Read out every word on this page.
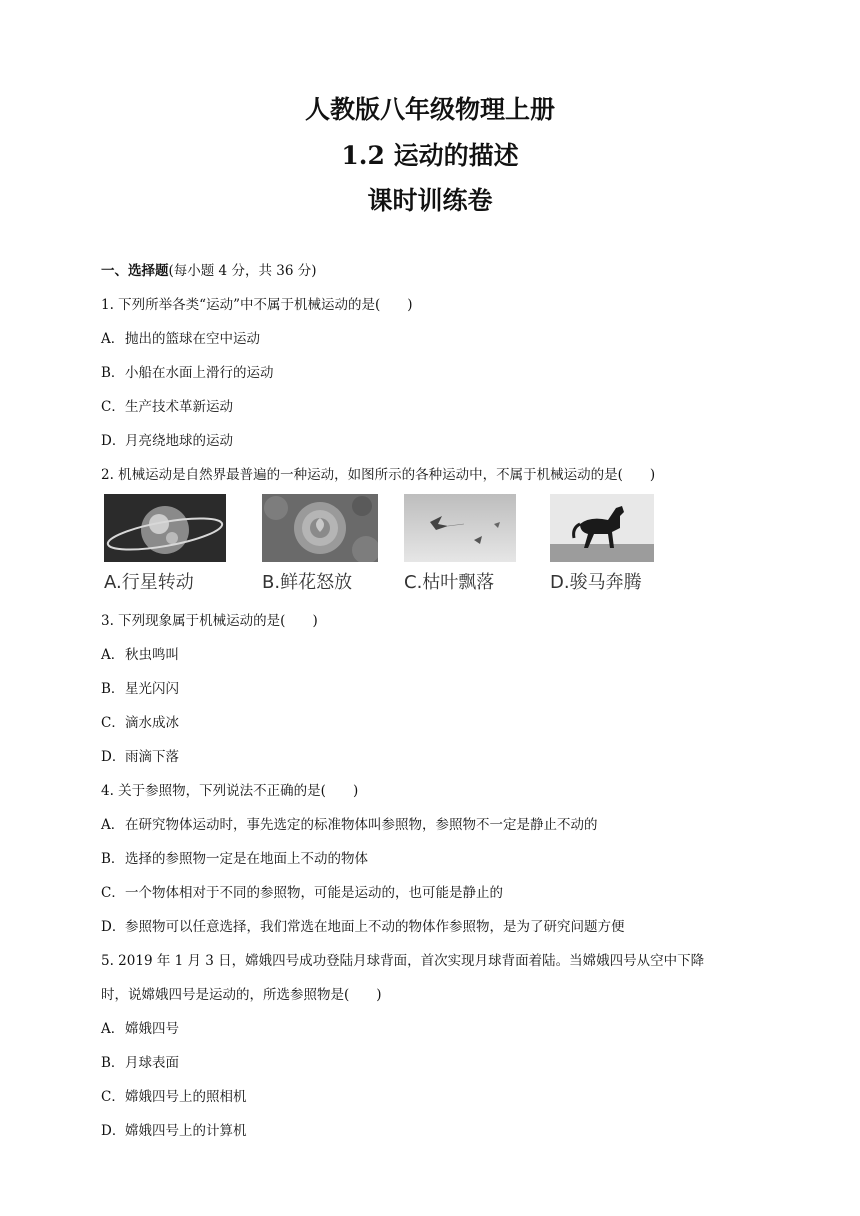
人教版八年级物理上册
1.2 运动的描述
课时训练卷
一、选择题(每小题 4 分，共 36 分)
1. 下列所举各类“运动”中不属于机械运动的是(　　)
A．抛出的篮球在空中运动
B．小船在水面上滑行的运动
C．生产技术革新运动
D．月亮绕地球的运动
2. 机械运动是自然界最普遍的一种运动，如图所示的各种运动中，不属于机械运动的是(　　)
A.行星转动	B.鲜花怒放	C.枯叶飘落	D.骏马奔腾
3. 下列现象属于机械运动的是(　　)
A．秋虫鸣叫
B．星光闪闪
C．滴水成冰
D．雨滴下落
4. 关于参照物，下列说法不正确的是(　　)
A．在研究物体运动时，事先选定的标准物体叫参照物，参照物不一定是静止不动的
B．选择的参照物一定是在地面上不动的物体
C．一个物体相对于不同的参照物，可能是运动的，也可能是静止的
D．参照物可以任意选择，我们常选在地面上不动的物体作参照物，是为了研究问题方便
5. 2019 年 1 月 3 日，嫦娥四号成功登陆月球背面，首次实现月球背面着陆。当嫦娥四号从空中下降
时，说嫦娥四号是运动的，所选参照物是(　　)
A．嫦娥四号
B．月球表面
C．嫦娥四号上的照相机
D．嫦娥四号上的计算机
